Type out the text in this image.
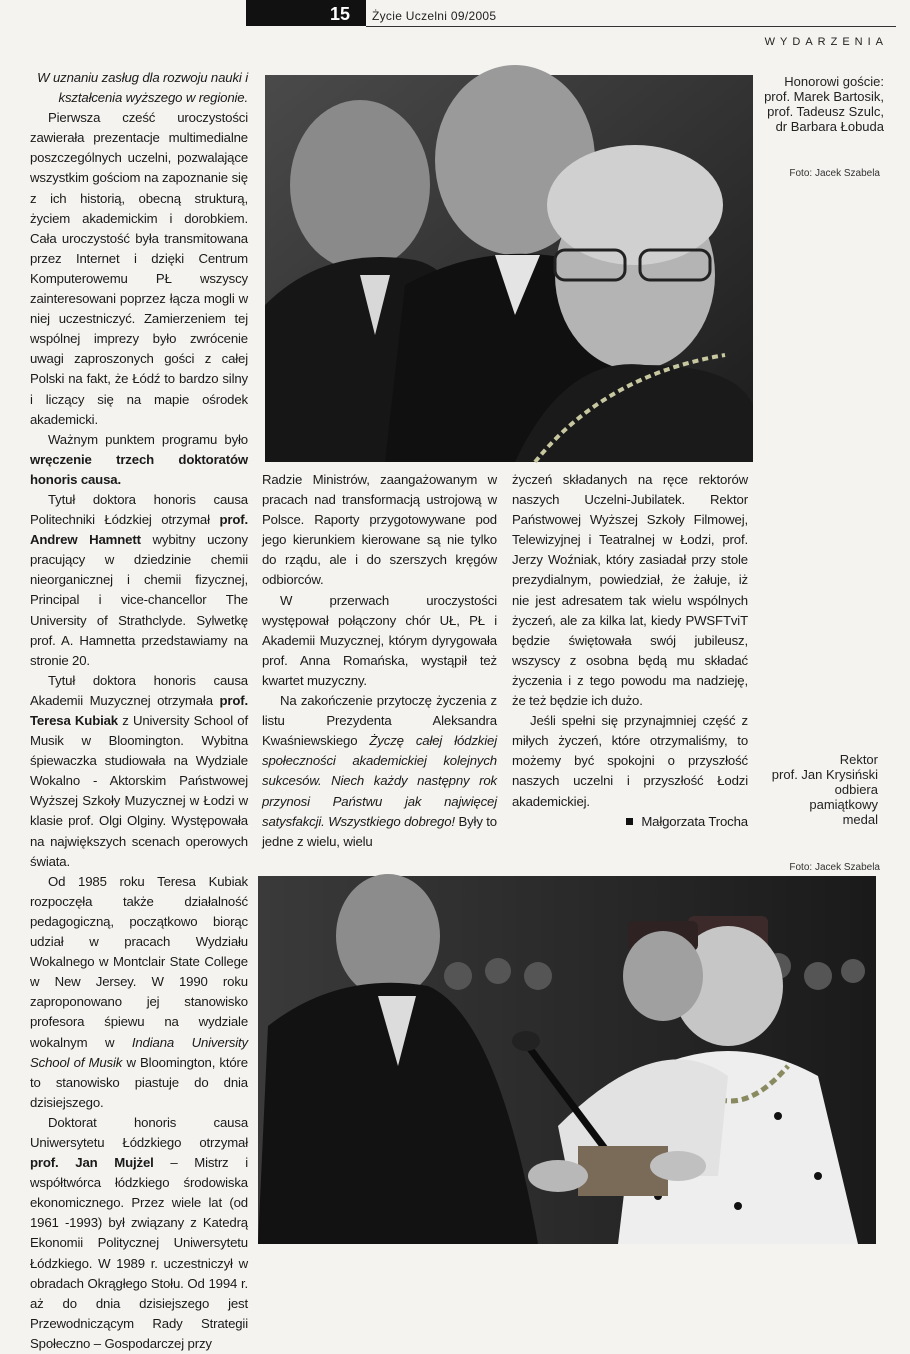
15 Życie Uczelni 09/2005
WYDARZENIA

W uznaniu zasług dla rozwoju nauki i kształcenia wyższego w regionie.

Pierwsza cześć uroczystości zawierała prezentacje multimedialne poszczególnych uczelni, pozwalające wszystkim gościom na zapoznanie się z ich historią, obecną strukturą, życiem akademickim i dorobkiem. Cała uroczystość była transmitowana przez Internet i dzięki Centrum Komputerowemu PŁ wszyscy zainteresowani poprzez łącza mogli w niej uczestniczyć. Zamierzeniem tej wspólnej imprezy było zwrócenie uwagi zaproszonych gości z całej Polski na fakt, że Łódź to bardzo silny i liczący się na mapie ośrodek akademicki.

Ważnym punktem programu było wręczenie trzech doktoratów honoris causa.

Tytuł doktora honoris causa Politechniki Łódzkiej otrzymał prof. Andrew Hamnett wybitny uczony pracujący w dziedzinie chemii nieorganicznej i chemii fizycznej, Principal i vice-chancellor The University of Strathclyde. Sylwetkę prof. A. Hamnetta przedstawiamy na stronie 20.

Tytuł doktora honoris causa Akademii Muzycznej otrzymała prof. Teresa Kubiak z University School of Musik w Bloomington. Wybitna śpiewaczka studiowała na Wydziale Wokalno - Aktorskim Państwowej Wyższej Szkoły Muzycznej w Łodzi w klasie prof. Olgi Olginy. Występowała na największych scenach operowych świata.

Od 1985 roku Teresa Kubiak rozpoczęła także działalność pedagogiczną, początkowo biorąc udział w pracach Wydziału Wokalnego w Montclair State College w New Jersey. W 1990 roku zaproponowano jej stanowisko profesora śpiewu na wydziale wokalnym w Indiana University School of Musik w Bloomington, które to stanowisko piastuje do dnia dzisiejszego.

Doktorat honoris causa Uniwersytetu Łódzkiego otrzymał prof. Jan Mujżel – Mistrz i współtwórca łódzkiego środowiska ekonomicznego. Przez wiele lat (od 1961 -1993) był związany z Katedrą Ekonomii Politycznej Uniwersytetu Łódzkiego. W 1989 r. uczestniczył w obradach Okrągłego Stołu. Od 1994 r. aż do dnia dzisiejszego jest Przewodniczącym Rady Strategii Społeczno – Gospodarczej przy

Honorowi goście:
prof. Marek Bartosik,
prof. Tadeusz Szulc,
dr Barbara Łobuda
Foto: Jacek Szabela

Radzie Ministrów, zaangażowanym w pracach nad transformacją ustrojową w Polsce. Raporty przygotowywane pod jego kierunkiem kierowane są nie tylko do rządu, ale i do szerszych kręgów odbiorców.

W przerwach uroczystości występował połączony chór UŁ, PŁ i Akademii Muzycznej, którym dyrygowała prof. Anna Romańska, wystąpił też kwartet muzyczny.

Na zakończenie przytoczę życzenia z listu Prezydenta Aleksandra Kwaśniewskiego Życzę całej łódzkiej społeczności akademickiej kolejnych sukcesów. Niech każdy następny rok przynosi Państwu jak najwięcej satysfakcji. Wszystkiego dobrego! Były to jedne z wielu, wielu

życzeń składanych na ręce rektorów naszych Uczelni-Jubilatek. Rektor Państwowej Wyższej Szkoły Filmowej, Telewizyjnej i Teatralnej w Łodzi, prof. Jerzy Woźniak, który zasiadał przy stole prezydialnym, powiedział, że żałuje, iż nie jest adresatem tak wielu wspólnych życzeń, ale za kilka lat, kiedy PWSFTviT będzie świętowała swój jubileusz, wszyscy z osobna będą mu składać życzenia i z tego powodu ma nadzieję, że też będzie ich dużo.

Jeśli spełni się przynajmniej część z miłych życzeń, które otrzymaliśmy, to możemy być spokojni o przyszłość naszych uczelni i przyszłość Łodzi akademickiej.

Małgorzata Trocha

Rektor
prof. Jan Krysiński
odbiera
pamiątkowy
medal
Foto: Jacek Szabela
